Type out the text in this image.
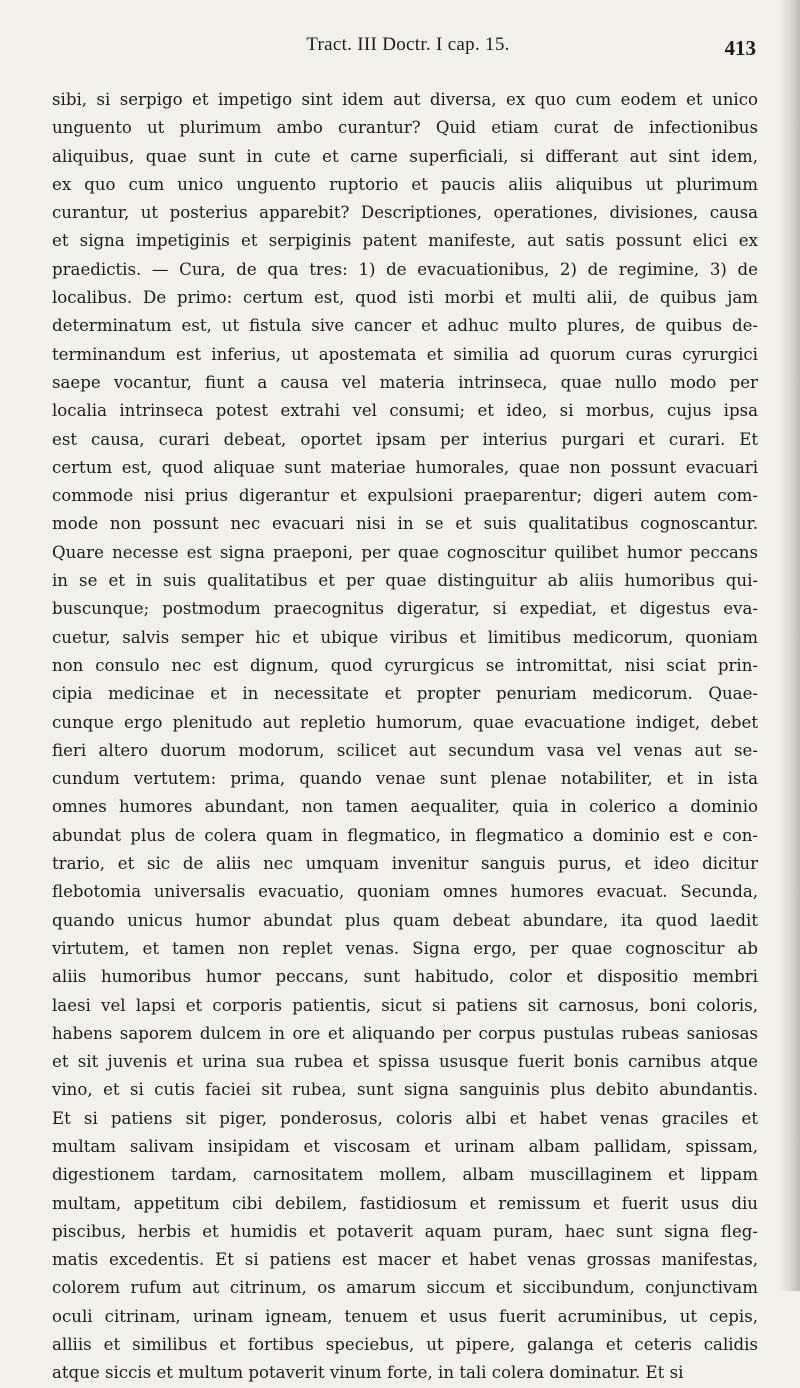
Tract. III Doctr. I cap. 15.	413
sibi, si serpigo et impetigo sint idem aut diversa, ex quo cum eodem et unico
unguento ut plurimum ambo curantur? Quid etiam curat de infectionibus
aliquibus, quae sunt in cute et carne superficiali, si differant aut sint idem,
ex quo cum unico unguento ruptorio et paucis aliis aliquibus ut plurimum
curantur, ut posterius apparebit? Descriptiones, operationes, divisiones, causa
et signa impetiginis et serpiginis patent manifeste, aut satis possunt elici ex
praedictis. — Cura, de qua tres: 1) de evacuationibus, 2) de regimine, 3) de
localibus. De primo: certum est, quod isti morbi et multi alii, de quibus jam
determinatum est, ut fistula sive cancer et adhuc multo plures, de quibus de-
terminandum est inferius, ut apostemata et similia ad quorum curas cyrurgici
saepe vocantur, fiunt a causa vel materia intrinseca, quae nullo modo per
localia intrinseca potest extrahi vel consumi; et ideo, si morbus, cujus ipsa
est causa, curari debeat, oportet ipsam per interius purgari et curari. Et
certum est, quod aliquae sunt materiae humorales, quae non possunt evacuari
commode nisi prius digerantur et expulsioni praeparentur; digeri autem com-
mode non possunt nec evacuari nisi in se et suis qualitatibus cognoscantur.
Quare necesse est signa praeponi, per quae cognoscitur quilibet humor peccans
in se et in suis qualitatibus et per quae distinguitur ab aliis humoribus qui-
buscunque; postmodum praecognitus digeratur, si expediat, et digestus eva-
cuetur, salvis semper hic et ubique viribus et limitibus medicorum, quoniam
non consulo nec est dignum, quod cyrurgicus se intromittat, nisi sciat prin-
cipia medicinae et in necessitate et propter penuriam medicorum. Quae-
cunque ergo plenitudo aut repletio humorum, quae evacuatione indiget, debet
fieri altero duorum modorum, scilicet aut secundum vasa vel venas aut se-
cundum vertutem: prima, quando venae sunt plenae notabiliter, et in ista
omnes humores abundant, non tamen aequaliter, quia in colerico a dominio
abundat plus de colera quam in flegmatico, in flegmatico a dominio est e con-
trario, et sic de aliis nec umquam invenitur sanguis purus, et ideo dicitur
flebotomia universalis evacuatio, quoniam omnes humores evacuat. Secunda,
quando unicus humor abundat plus quam debeat abundare, ita quod laedit
virtutem, et tamen non replet venas. Signa ergo, per quae cognoscitur ab
aliis humoribus humor peccans, sunt habitudo, color et dispositio membri
laesi vel lapsi et corporis patientis, sicut si patiens sit carnosus, boni coloris,
habens saporem dulcem in ore et aliquando per corpus pustulas rubeas saniosas
et sit juvenis et urina sua rubea et spissa ususque fuerit bonis carnibus atque
vino, et si cutis faciei sit rubea, sunt signa sanguinis plus debito abundantis.
Et si patiens sit piger, ponderosus, coloris albi et habet venas graciles et
multam salivam insipidam et viscosam et urinam albam pallidam, spissam,
digestionem tardam, carnositatem mollem, albam muscillaginem et lippam
multam, appetitum cibi debilem, fastidiosum et remissum et fuerit usus diu
piscibus, herbis et humidis et potaverit aquam puram, haec sunt signa fleg-
matis excedentis. Et si patiens est macer et habet venas grossas manifestas,
colorem rufum aut citrinum, os amarum siccum et siccibundum, conjunctivam
oculi citrinam, urinam igneam, tenuem et usus fuerit acruminibus, ut cepis,
alliis et similibus et fortibus speciebus, ut pipere, galanga et ceteris calidis
atque siccis et multum potaverit vinum forte, in tali colera dominatur. Et si
